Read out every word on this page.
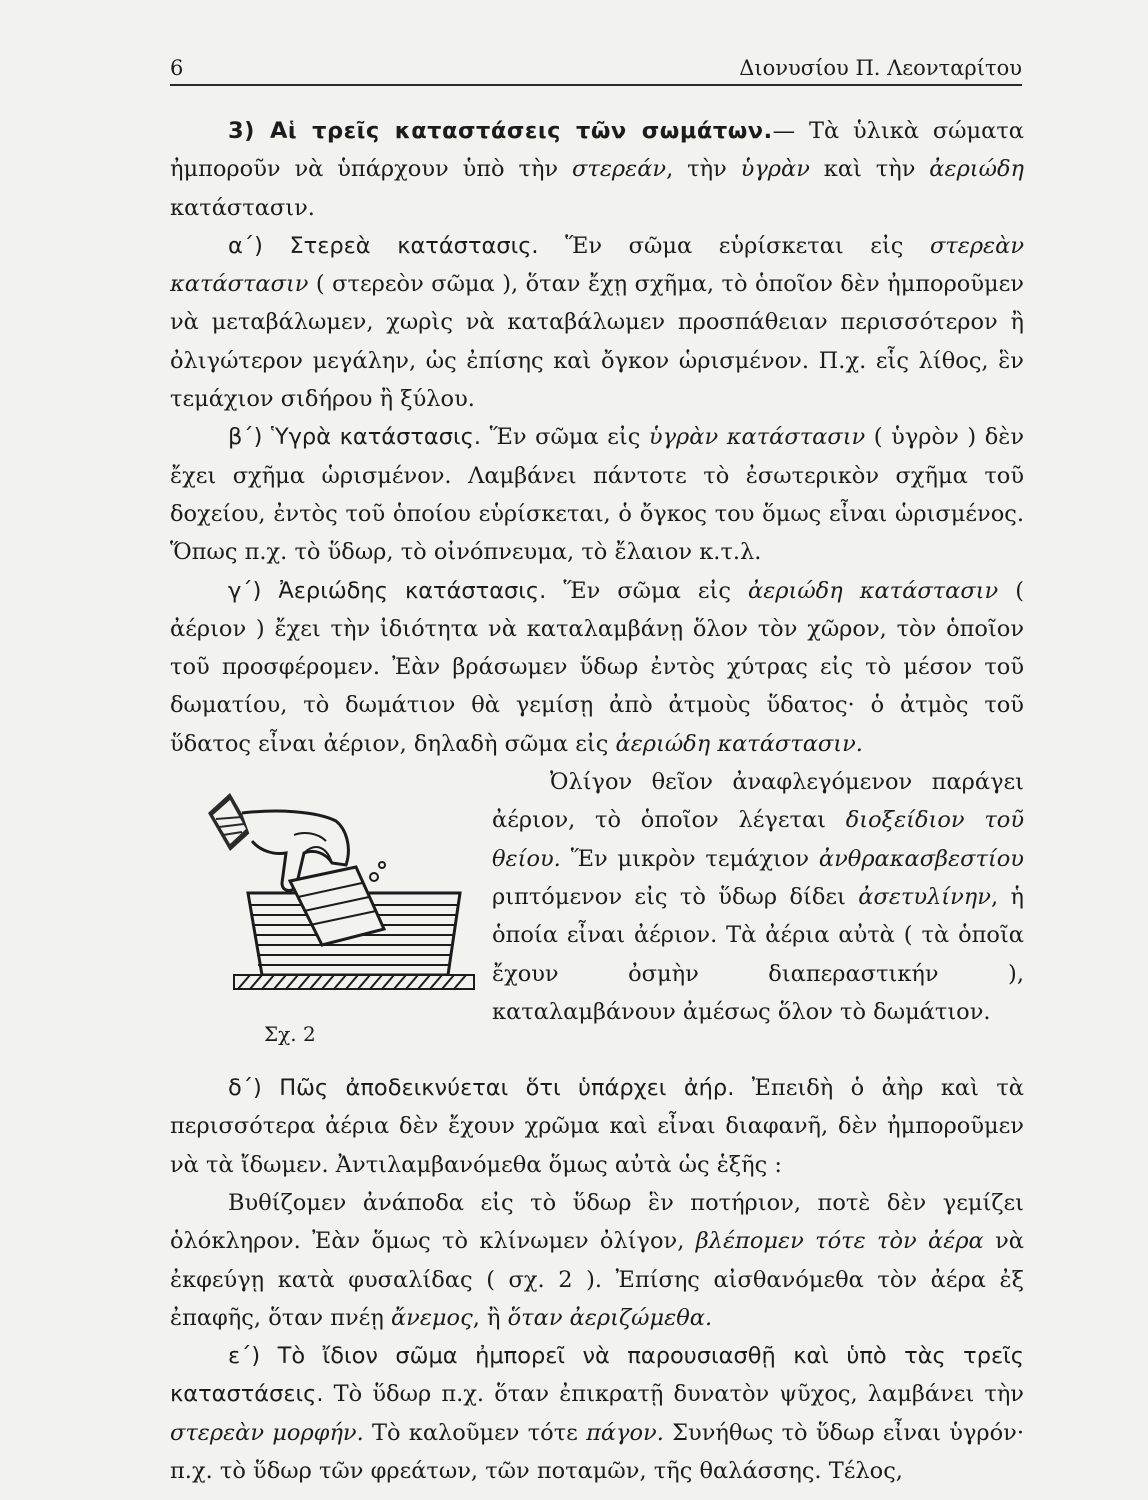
6	Διονυσίου Π. Λεονταρίτου

3) Αἱ τρεῖς καταστάσεις τῶν σωμάτων.— Τὰ ὑλικὰ σώματα ἠμποροῦν νὰ ὑπάρχουν ὑπὸ τὴν στερεάν, τὴν ὑγρὰν καὶ τὴν ἀεριώδη κατάστασιν.

α΄) Στερεὰ κατάστασις. Ἕν σῶμα εὑρίσκεται εἰς στερεὰν κατάστασιν ( στερεὸν σῶμα ), ὅταν ἔχῃ σχῆμα, τὸ ὁποῖον δὲν ἠμποροῦμεν νὰ μεταβάλωμεν, χωρὶς νὰ καταβάλωμεν προσπάθειαν περισσότερον ἢ ὀλιγώτερον μεγάλην, ὡς ἐπίσης καὶ ὄγκον ὡρισμένον. Π.χ. εἷς λίθος, ἓν τεμάχιον σιδήρου ἢ ξύλου.

β΄) Ὑγρὰ κατάστασις. Ἕν σῶμα εἰς ὑγρὰν κατάστασιν ( ὑγρὸν ) δὲν ἔχει σχῆμα ὡρισμένον. Λαμβάνει πάντοτε τὸ ἐσωτερικὸν σχῆμα τοῦ δοχείου, ἐντὸς τοῦ ὁποίου εὑρίσκεται, ὁ ὄγκος του ὅμως εἶναι ὡρισμένος. Ὅπως π.χ. τὸ ὕδωρ, τὸ οἰνόπνευμα, τὸ ἔλαιον κ.τ.λ.

γ΄) Ἀεριώδης κατάστασις. Ἕν σῶμα εἰς ἀεριώδη κατάστασιν ( ἀέριον ) ἔχει τὴν ἰδιότητα νὰ καταλαμβάνῃ ὅλον τὸν χῶρον, τὸν ὁποῖον τοῦ προσφέρομεν. Ἐὰν βράσωμεν ὕδωρ ἐντὸς χύτρας εἰς τὸ μέσον τοῦ δωματίου, τὸ δωμάτιον θὰ γεμίσῃ ἀπὸ ἀτμοὺς ὕδατος· ὁ ἀτμὸς τοῦ ὕδατος εἶναι ἀέριον, δηλαδὴ σῶμα εἰς ἀεριώδη κατάστασιν.

Σχ. 2

Ὀλίγον θεῖον ἀναφλεγόμενον παράγει ἀέριον, τὸ ὁποῖον λέγεται διοξείδιον τοῦ θείου. Ἕν μικρὸν τεμάχιον ἀνθρακασβεστίου ριπτόμενον εἰς τὸ ὕδωρ δίδει ἀσετυλίνην, ἡ ὁποία εἶναι ἀέριον. Τὰ ἀέρια αὐτὰ ( τὰ ὁποῖα ἔχουν ὀσμὴν διαπεραστικήν ), καταλαμβάνουν ἀμέσως ὅλον τὸ δωμάτιον.

δ΄) Πῶς ἀποδεικνύεται ὅτι ὑπάρχει ἀήρ. Ἐπειδὴ ὁ ἀὴρ καὶ τὰ περισσότερα ἀέρια δὲν ἔχουν χρῶμα καὶ εἶναι διαφανῆ, δὲν ἠμποροῦμεν νὰ τὰ ἴδωμεν. Ἀντιλαμβανόμεθα ὅμως αὐτὰ ὡς ἑξῆς :

Βυθίζομεν ἀνάποδα εἰς τὸ ὕδωρ ἓν ποτήριον, ποτὲ δὲν γεμίζει ὁλόκληρον. Ἐὰν ὅμως τὸ κλίνωμεν ὀλίγον, βλέπομεν τότε τὸν ἀέρα νὰ ἐκφεύγῃ κατὰ φυσαλίδας ( σχ. 2 ). Ἐπίσης αἰσθανόμεθα τὸν ἀέρα ἐξ ἐπαφῆς, ὅταν πνέῃ ἄνεμος, ἢ ὅταν ἀεριζώμεθα.

ε΄) Τὸ ἴδιον σῶμα ἠμπορεῖ νὰ παρουσιασθῇ καὶ ὑπὸ τὰς τρεῖς καταστάσεις. Τὸ ὕδωρ π.χ. ὅταν ἐπικρατῇ δυνατὸν ψῦχος, λαμβάνει τὴν στερεὰν μορφήν. Τὸ καλοῦμεν τότε πάγον. Συνήθως τὸ ὕδωρ εἶναι ὑγρόν· π.χ. τὸ ὕδωρ τῶν φρεάτων, τῶν ποταμῶν, τῆς θαλάσσης. Τέλος,
